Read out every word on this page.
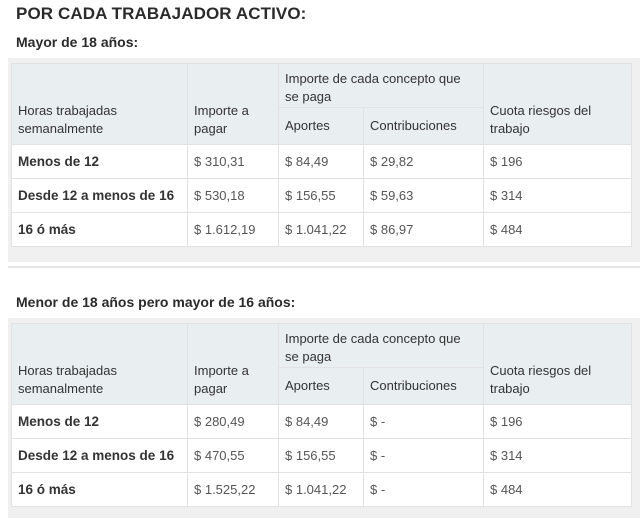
POR CADA TRABAJADOR ACTIVO:
Mayor de 18 años:
Horas trabajadas semanalmente	Importe a pagar	Importe de cada concepto que se paga		Cuota riesgos del trabajo
		Aportes	Contribuciones	
Menos de 12	$ 310,31	$ 84,49	$ 29,82	$ 196
Desde 12 a menos de 16	$ 530,18	$ 156,55	$ 59,63	$ 314
16 ó más	$ 1.612,19	$ 1.041,22	$ 86,97	$ 484
Menor de 18 años pero mayor de 16 años:
Horas trabajadas semanalmente	Importe a pagar	Importe de cada concepto que se paga		Cuota riesgos del trabajo
		Aportes	Contribuciones	
Menos de 12	$ 280,49	$ 84,49	$ -	$ 196
Desde 12 a menos de 16	$ 470,55	$ 156,55	$ -	$ 314
16 ó más	$ 1.525,22	$ 1.041,22	$ -	$ 484
